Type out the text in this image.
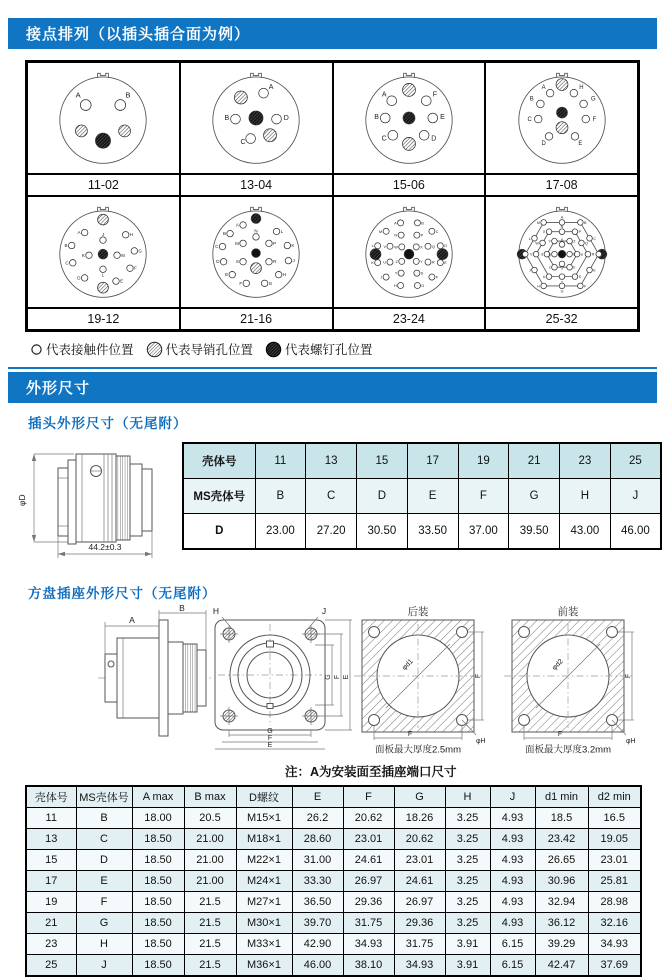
接点排列（以插头插合面为例）
A	B
A
B
C
D
A	F
B	E
C	D
A	H
B	G
C	F
D	E
11-02	13-04	15-06	17-08
A
B
C
D
E
F
G
H
J
K
L
M
A
B
C
D
E
F	G
H
J
K
L
M
N
P
R
S
A	B
C
D
E
F
G
H
J
K
L
M
N	P
Q
R
S
T
U
V W	X
Y
Z
A
B
C
D
E
F
G
H
J
K
L
M
N
P
Q
R
S
T
U
V
W
X
Y	Z
a
b
c
d
e
f
g	h
19-12	21-16	23-24	25-32
代表接触件位置	代表导销孔位置	代表螺钉孔位置
外形尺寸
插头外形尺寸（无尾附）
φD
44.2±0.3
壳体号	11	13	15	17	19	21	23	25
MS壳体号	B	C	D	E	F	G	H	J
D	23.00	27.20	30.50	33.50	37.00	39.50	43.00	46.00
方盘插座外形尺寸（无尾附）
A
B	H	J
G F E
G
F
E
后装
φd1
F
F
φH
面板最大厚度2.5mm
前装
φd2
F
F
φH
面板最大厚度3.2mm
注：A为安装面至插座端口尺寸
壳体号	MS壳体号	A max	B max	D螺纹	E	F	G	H	J	d1 min	d2 min
11	B	18.00	20.5	M15×1	26.2	20.62	18.26	3.25	4.93	18.5	16.5
13	C	18.50	21.00	M18×1	28.60	23.01	20.62	3.25	4.93	23.42	19.05
15	D	18.50	21.00	M22×1	31.00	24.61	23.01	3.25	4.93	26.65	23.01
17	E	18.50	21.00	M24×1	33.30	26.97	24.61	3.25	4.93	30.96	25.81
19	F	18.50	21.5	M27×1	36.50	29.36	26.97	3.25	4.93	32.94	28.98
21	G	18.50	21.5	M30×1	39.70	31.75	29.36	3.25	4.93	36.12	32.16
23	H	18.50	21.5	M33×1	42.90	34.93	31.75	3.91	6.15	39.29	34.93
25	J	18.50	21.5	M36×1	46.00	38.10	34.93	3.91	6.15	42.47	37.69
